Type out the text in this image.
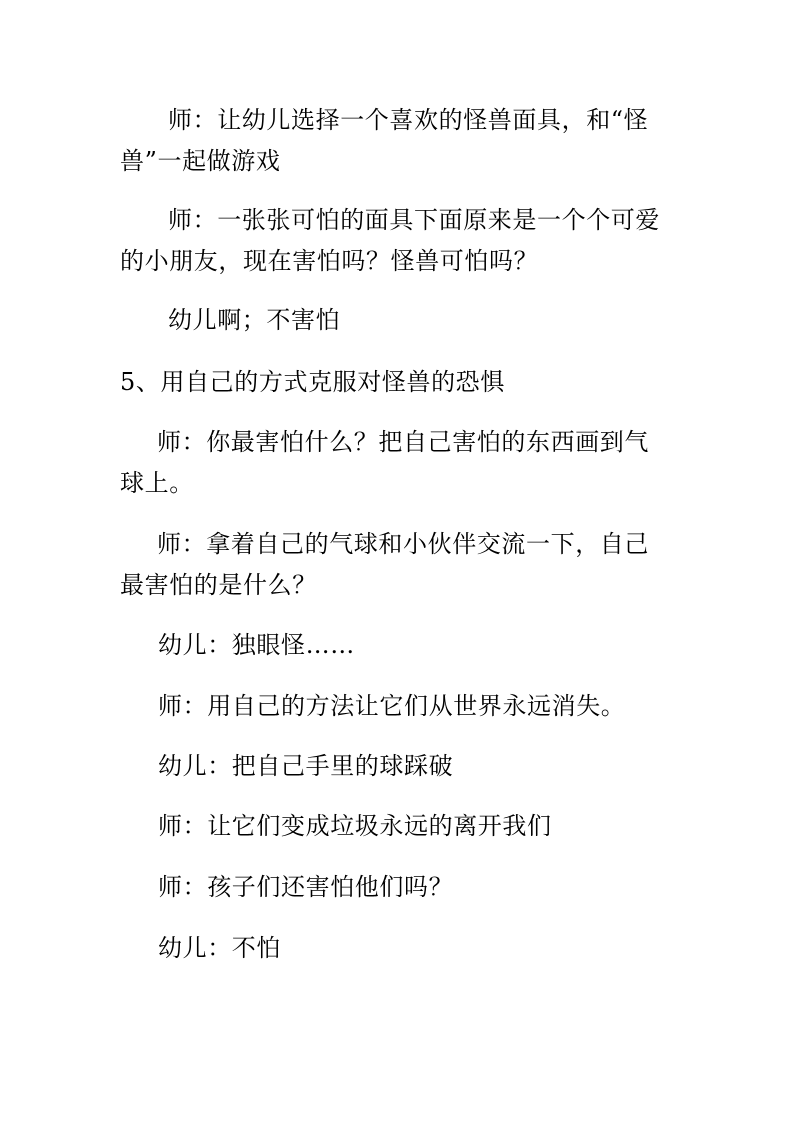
师：让幼儿选择一个喜欢的怪兽面具，和“怪兽”一起做游戏

师：一张张可怕的面具下面原来是一个个可爱的小朋友，现在害怕吗？怪兽可怕吗？

幼儿啊；不害怕

5、用自己的方式克服对怪兽的恐惧

师：你最害怕什么？把自己害怕的东西画到气球上。

师：拿着自己的气球和小伙伴交流一下，自己最害怕的是什么？

幼儿：独眼怪……

师：用自己的方法让它们从世界永远消失。

幼儿：把自己手里的球踩破

师：让它们变成垃圾永远的离开我们

师：孩子们还害怕他们吗？

幼儿：不怕
